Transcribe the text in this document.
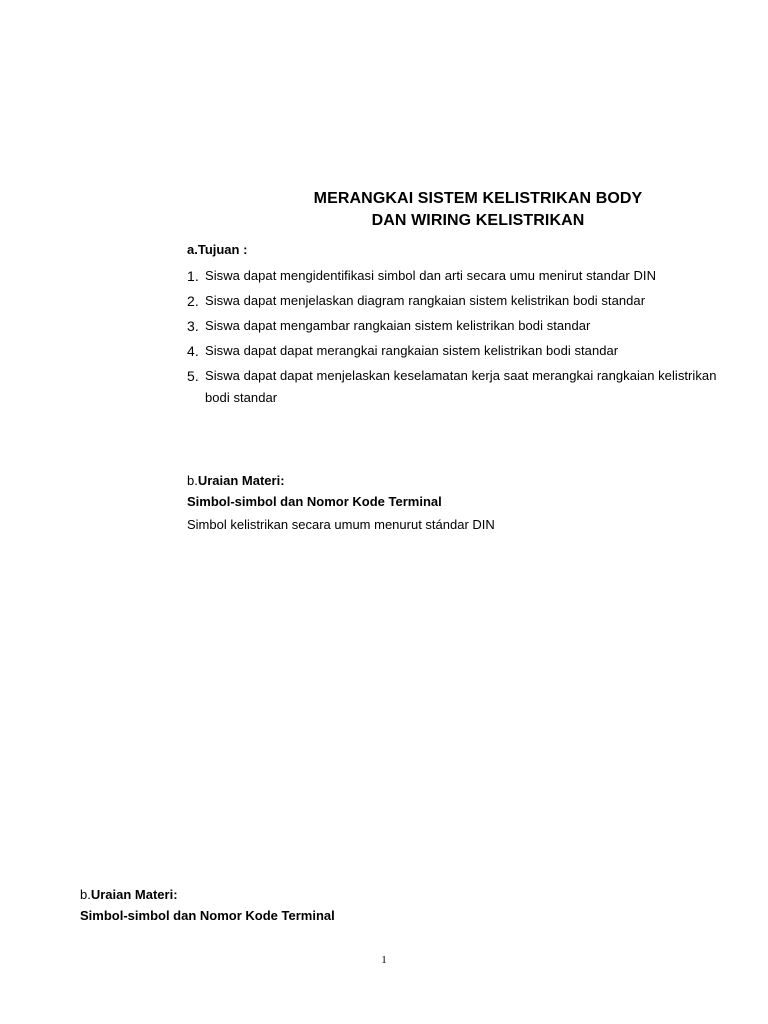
MERANGKAI SISTEM KELISTRIKAN BODY
DAN WIRING KELISTRIKAN
a.Tujuan :
1. Siswa dapat mengidentifikasi simbol dan arti secara umu menirut standar DIN
2. Siswa dapat menjelaskan diagram rangkaian sistem kelistrikan bodi standar
3. Siswa dapat mengambar rangkaian sistem kelistrikan bodi standar
4. Siswa dapat dapat merangkai rangkaian sistem kelistrikan bodi standar
5. Siswa dapat dapat menjelaskan keselamatan kerja saat merangkai rangkaian kelistrikan bodi standar
b.Uraian Materi:
Simbol-simbol dan Nomor Kode Terminal
Simbol kelistrikan secara umum menurut stándar DIN
b.Uraian Materi:
Simbol-simbol dan Nomor Kode Terminal
1
